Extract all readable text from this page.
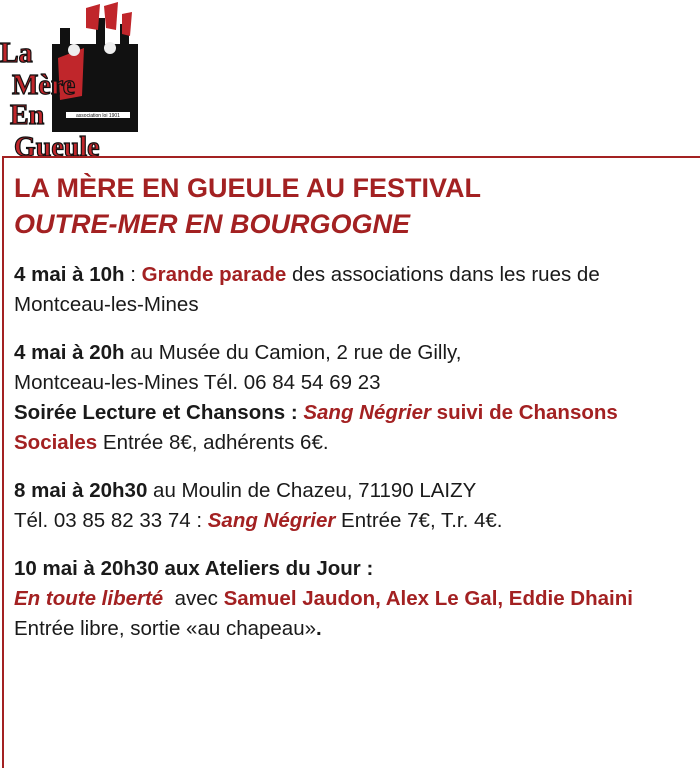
association loi 1901
La
Mère
En
Gueule
LA MÈRE EN GUEULE AU FESTIVAL
OUTRE-MER EN BOURGOGNE

4 mai à 10h : Grande parade des associations dans les rues de Montceau-les-Mines

4 mai à 20h au Musée du Camion, 2 rue de Gilly,

Montceau-les-Mines Tél. 06 84 54 69 23

Soirée Lecture et Chansons : Sang Négrier suivi de Chansons Sociales Entrée 8€, adhérents 6€.

8 mai à 20h30 au Moulin de Chazeu, 71190 LAIZY

Tél. 03 85 82 33 74 : Sang Négrier Entrée 7€, T.r. 4€.

10 mai à 20h30 aux Ateliers du Jour :

En toute liberté  avec Samuel Jaudon, Alex Le Gal, Eddie Dhaini Entrée libre, sortie «au chapeau».
